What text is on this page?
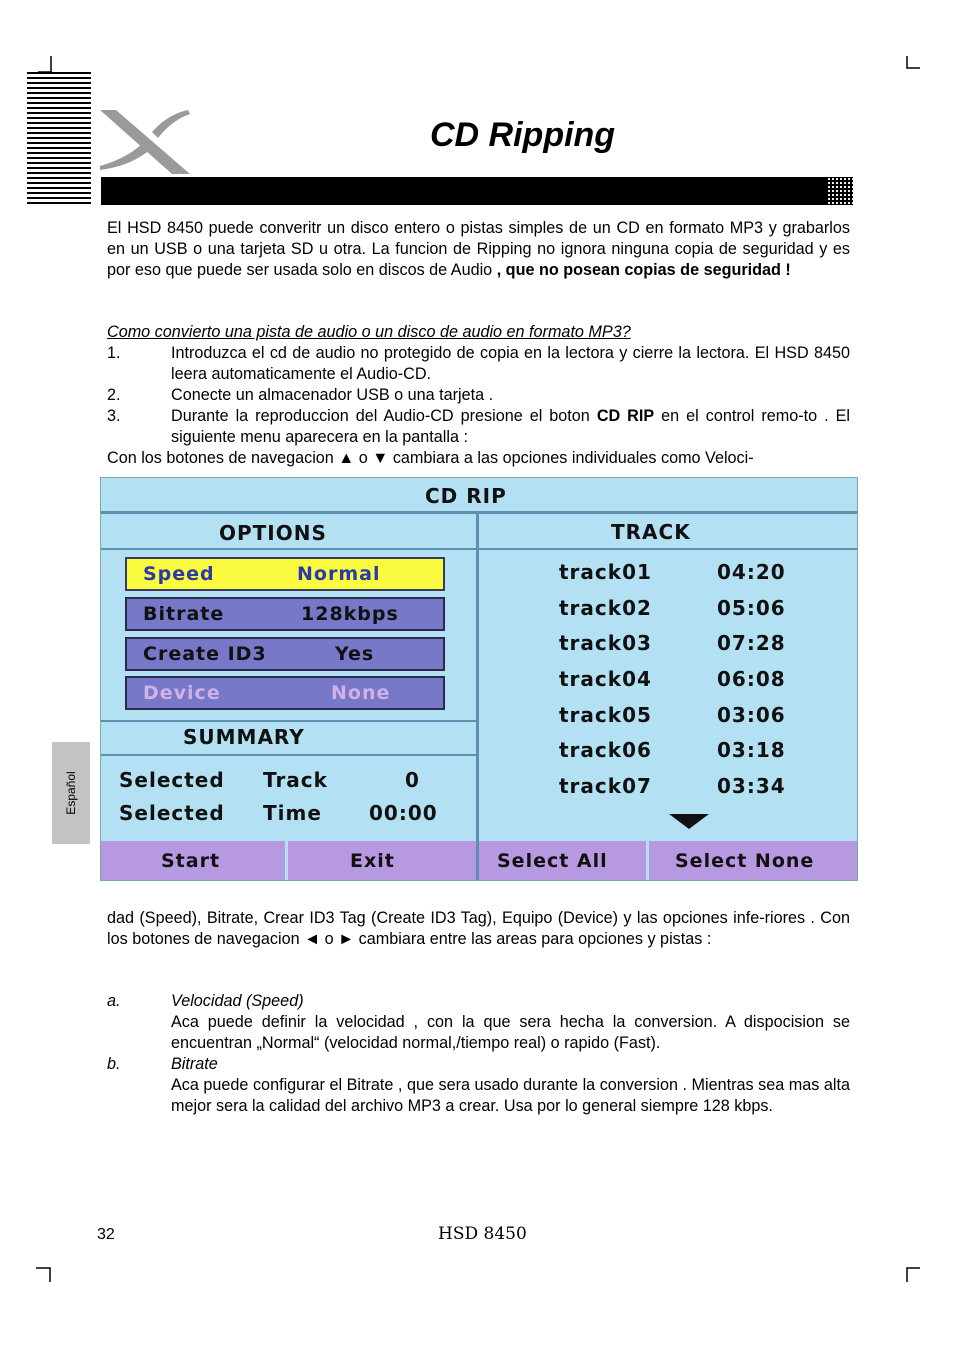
CD Ripping
El HSD 8450 puede converitr un disco entero o pistas simples de un CD en formato MP3 y grabarlos en un USB o una tarjeta SD u otra. La funcion de Ripping no ignora ninguna copia de seguridad y es por eso que puede ser usada solo en discos de Audio , que no posean copias de seguridad !
Como convierto una pista de audio o un disco de audio en formato MP3?
1.	Introduzca el cd de audio no protegido de copia en la lectora y cierre la lectora. El HSD 8450 leera automaticamente el Audio-CD.
2.	Conecte un almacenador USB o una tarjeta .
3.	Durante la reproduccion del Audio-CD presione el boton CD RIP en el control remo-to . El siguiente menu aparecera en la pantalla :
Con los botones de navegacion ▲ o ▼ cambiara a las opciones individuales como Veloci-
CD RIP
OPTIONS	TRACK
Speed	Normal
Bitrate	128kbps
Create ID3	Yes
Device	None
SUMMARY
Selected Track	0
Selected Time 00:00
track01	04:20
track02	05:06
track03	07:28
track04	06:08
track05	03:06
track06	03:18
track07	03:34
Start	Exit	Select All	Select None
dad (Speed), Bitrate, Crear ID3 Tag (Create ID3 Tag), Equipo (Device) y las opciones infe-riores . Con los botones de navegacion ◄ o ► cambiara entre las areas para opciones y pistas :
a.	Velocidad (Speed)
Aca puede definir la velocidad , con la que sera hecha la conversion. A dispocision se encuentran „Normal“ (velocidad normal,/tiempo real) o rapido (Fast).
b.	Bitrate
Aca puede configurar el Bitrate , que sera usado durante la conversion . Mientras sea mas alta mejor sera la calidad del archivo MP3 a crear. Usa por lo general siempre 128 kbps.
Español
32	HSD 8450
